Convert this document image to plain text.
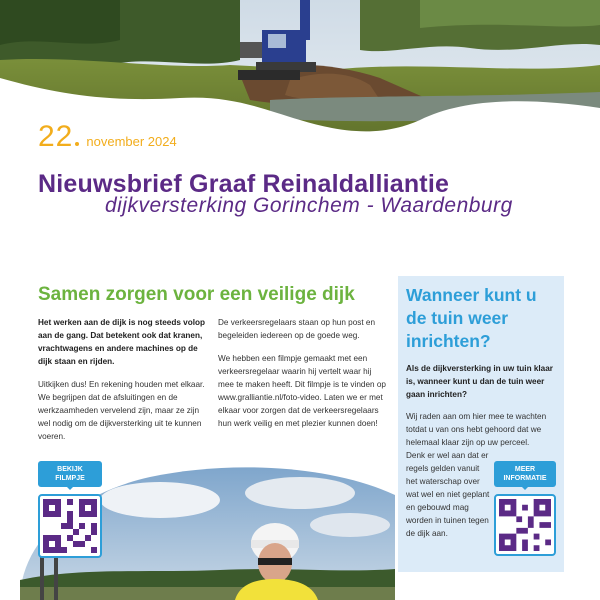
22 november 2024
Nieuwsbrief Graaf Reinaldalliantie
dijkversterking Gorinchem - Waardenburg
Samen zorgen voor een veilige dijk

Het werken aan de dijk is nog steeds volop aan de gang. Dat betekent ook dat kranen, vrachtwagens en andere machines op de dijk staan en rijden.

Uitkijken dus! En rekening houden met elkaar. We begrijpen dat de afsluitingen en de werkzaamheden vervelend zijn, maar ze zijn wel nodig om de dijkversterking uit te kunnen voeren.

De verkeersregelaars staan op hun post en begeleiden iedereen op de goede weg.

We hebben een filmpje gemaakt met een verkeersregelaar waarin hij vertelt waar hij mee te maken heeft. Dit filmpje is te vinden op www.gralliantie.nl/foto-video. Laten we er met elkaar voor zorgen dat de verkeersregelaars hun werk veilig en met plezier kunnen doen!

BEKIJK
FILMPJE
Wanneer kunt u de tuin weer inrichten?
Als de dijkversterking in uw tuin klaar is, wanneer kunt u dan de tuin weer gaan inrichten?

Wij raden aan om hier mee te wachten totdat u van ons hebt gehoord dat we helemaal klaar zijn op uw perceel.

Denk er wel aan dat er regels gelden vanuit het waterschap over wat wel en niet geplant en gebouwd mag worden in tuinen tegen de dijk aan.

MEER
INFORMATIE
